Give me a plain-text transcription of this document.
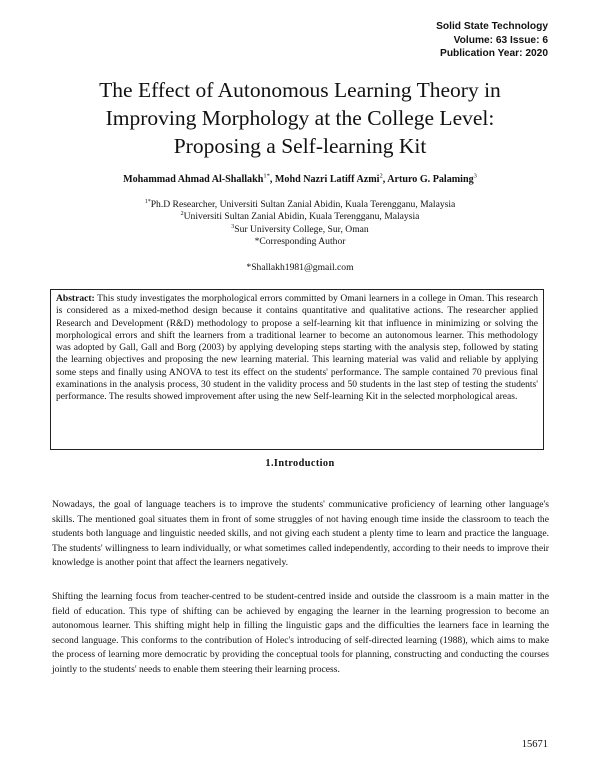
Solid State Technology
Volume: 63 Issue: 6
Publication Year: 2020
The Effect of Autonomous Learning Theory in
Improving Morphology at the College Level:
Proposing a Self-learning Kit
Mohammad Ahmad Al-Shallakh$^{1*}$, Mohd Nazri Latiff Azmi$^2$, Arturo G. Palaming$^3$
$^{1*}$Ph.D Researcher, Universiti Sultan Zanial Abidin, Kuala Terengganu, Malaysia
$^2$Universiti Sultan Zanial Abidin, Kuala Terengganu, Malaysia
$^3$Sur University College, Sur, Oman
*Corresponding Author
*Shallakh1981@gmail.com
Abstract: This study investigates the morphological errors committed by Omani learners in a college in Oman. This research is considered as a mixed-method design because it contains quantitative and qualitative actions. The researcher applied Research and Development (R&D) methodology to propose a self-learning kit that influence in minimizing or solving the morphological errors and shift the learners from a traditional learner to become an autonomous learner. This methodology was adopted by Gall, Gall and Borg (2003) by applying developing steps starting with the analysis step, followed by stating the learning objectives and proposing the new learning material. This learning material was valid and reliable by applying some steps and finally using ANOVA to test its effect on the students' performance. The sample contained 70 previous final examinations in the analysis process, 30 student in the validity process and 50 students in the last step of testing the students' performance. The results showed improvement after using the new Self-learning Kit in the selected morphological areas.
1.Introduction
Nowadays, the goal of language teachers is to improve the students' communicative proficiency of learning other language's skills. The mentioned goal situates them in front of some struggles of not having enough time inside the classroom to teach the students both language and linguistic needed skills, and not giving each student a plenty time to learn and practice the language. The students' willingness to learn individually, or what sometimes called independently, according to their needs to improve their knowledge is another point that affect the learners negatively.
Shifting the learning focus from teacher-centred to be student-centred inside and outside the classroom is a main matter in the field of education. This type of shifting can be achieved by engaging the learner in the learning progression to become an autonomous learner. This shifting might help in filling the linguistic gaps and the difficulties the learners face in learning the second language. This conforms to the contribution of Holec's introducing of self-directed learning (1988), which aims to make the process of learning more democratic by providing the conceptual tools for planning, constructing and conducting the courses jointly to the students' needs to enable them steering their learning process.
15671
